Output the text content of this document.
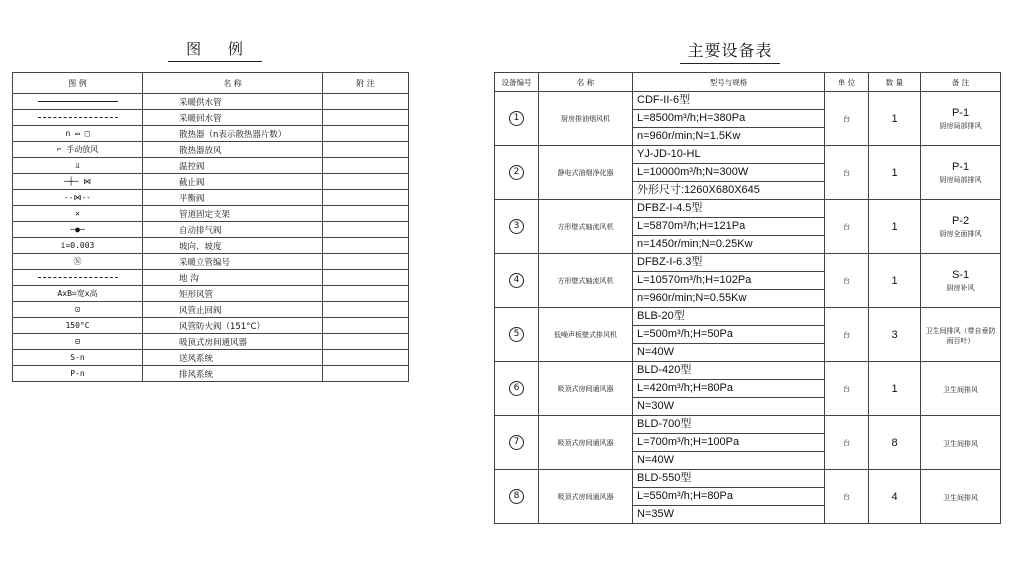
图 例	主要设备表
图 例	名 称	附 注
	采暖供水管	
	采暖回水管	
n ▭ □	散热器（n表示散热器片数）	
⌐ 手动放风	散热器放风	
⫫	温控阀	
─┼─ ⋈	截止阀	
--⋈--	平衡阀	
✕	管道固定支架	
─●─	自动排气阀	
i=0.003	坡向、坡度	
Ⓝ	采暖立管编号	
	地 沟	
AxB=宽x高	矩形风管	
⊡	风管止回阀	
150°C	风管防火阀（151°C）	
⊟	吸顶式房间通风器	
S-n	送风系统	
P-n	排风系统	
设备编号	名 称	型号与规格	单 位	数 量	备 注
1	厨房排油烟风机	CDF-II-6型
L=8500m³/h;H=380Pa
n=960r/min;N=1.5Kw	台	1	P-1
厨房局部排风

2	静电式油烟净化器	YJ-JD-10-HL
L=10000m³/h;N=300W
外形尺寸:1260X680X645	台	1	P-1
厨房局部排风

3	方形壁式轴流风机	DFBZ-I-4.5型
L=5870m³/h;H=121Pa
n=1450r/min;N=0.25Kw	台	1	P-2
厨房全面排风

4	方形壁式轴流风机	DFBZ-I-6.3型
L=10570m³/h;H=102Pa
n=960r/min;N=0.55Kw	台	1	S-1
厨房补风

5	低噪声板壁式排风机	BLB-20型
L=500m³/h;H=50Pa
N=40W	台	3	卫生间排风（带自垂防雨百叶）

6	吸顶式房间通风器	BLD-420型
L=420m³/h;H=80Pa
N=30W	台	1	卫生间排风

7	吸顶式房间通风器	BLD-700型
L=700m³/h;H=100Pa
N=40W	台	8	卫生间排风

8	吸顶式房间通风器	BLD-550型
L=550m³/h;H=80Pa
N=35W	台	4	卫生间排风
